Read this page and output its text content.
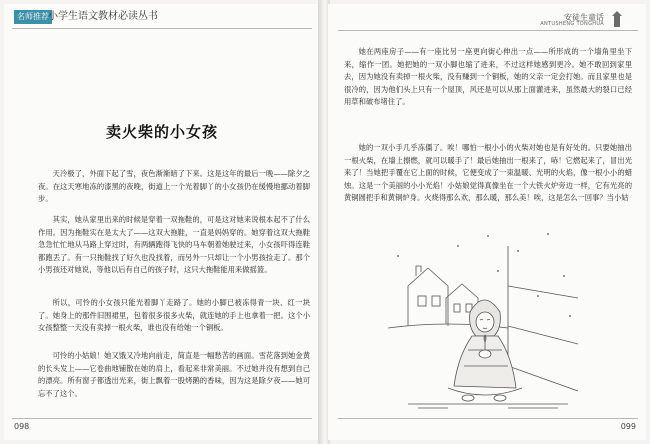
名师推荐 小学生语文教材必读丛书
卖火柴的小女孩

天冷极了，外面下起了雪，夜色渐渐暗了下来。这是这年的最后一晚——除夕之夜。在这天寒地冻的漆黑的夜晚，街道上一个光着脚丫的小女孩仍在缓慢地挪动着脚步。

其实，她从家里出来的时候是穿着一双拖鞋的，可是这对她来说根本起不了什么作用。因为拖鞋实在是太大了——这双大拖鞋，一直是妈妈穿的。她穿着这双大拖鞋急急忙忙地从马路上穿过时，有两辆跑得飞快的马车朝着她驶过来，小女孩吓得连鞋都跑丢了。有一只拖鞋找了好久也没找着，而另外一只却让一个小男孩捡走了。那个小男孩还对她说，等他以后有自己的孩子时，这只大拖鞋能用来做摇篮。

所以，可怜的小女孩只能光着脚丫走路了。她的小脚已被冻得青一块、红一块了。她身上的那件旧围裙里，包着很多很多火柴，就连她的手上也拿着一把。这个小女孩整整一天没有卖掉一根火柴，谁也没有给她一个铜板。

可怜的小姑娘！她又饿又冷地向前走，简直是一幅愁苦的画面。雪花落到她金黄的长头发上——它卷曲地铺散在她的肩上，看起来非常美丽。不过她并没有想到自己的漂亮。所有窗子都透出光来，街上飘着一股烤鹅的香味，因为这是除夕夜——她可忘不了这个。

098
安徒生童话
ANTUSHENG TONGHUA

她在两座房子——有一座比另一座更向街心伸出一点——所形成的一个墙角里坐下来，缩作一团。她把她的一双小脚也缩了进来，不过这样她感到更冷。她不敢回到家里去，因为她没有卖掉一根火柴，没有赚到一个铜板，她的父亲一定会打她。而且家里也是很冷的，因为他们头上只有一个屋顶，风还是可以从那上面灌进来，虽然最大的裂口已经用草和破布堵住了。

她的一双小手几乎冻僵了。唉！哪怕一根小小的火柴对她也是有好处的。只要她抽出一根火柴，在墙上擦燃，就可以暖手了！最后她抽出一根来了，哧！它燃起来了，冒出光来了！当她把手覆在它上面的时候，它便变成了一束温暖、光明的火焰，像一根小小的蜡烛。这是一个美丽的小小光焰！小姑娘觉得真像坐在一个大铁火炉旁边一样，它有光亮的黄铜圆把手和黄铜炉身。火烧得那么欢，那么暖，那么美！唉，这是怎么一回事？当小姑

099
